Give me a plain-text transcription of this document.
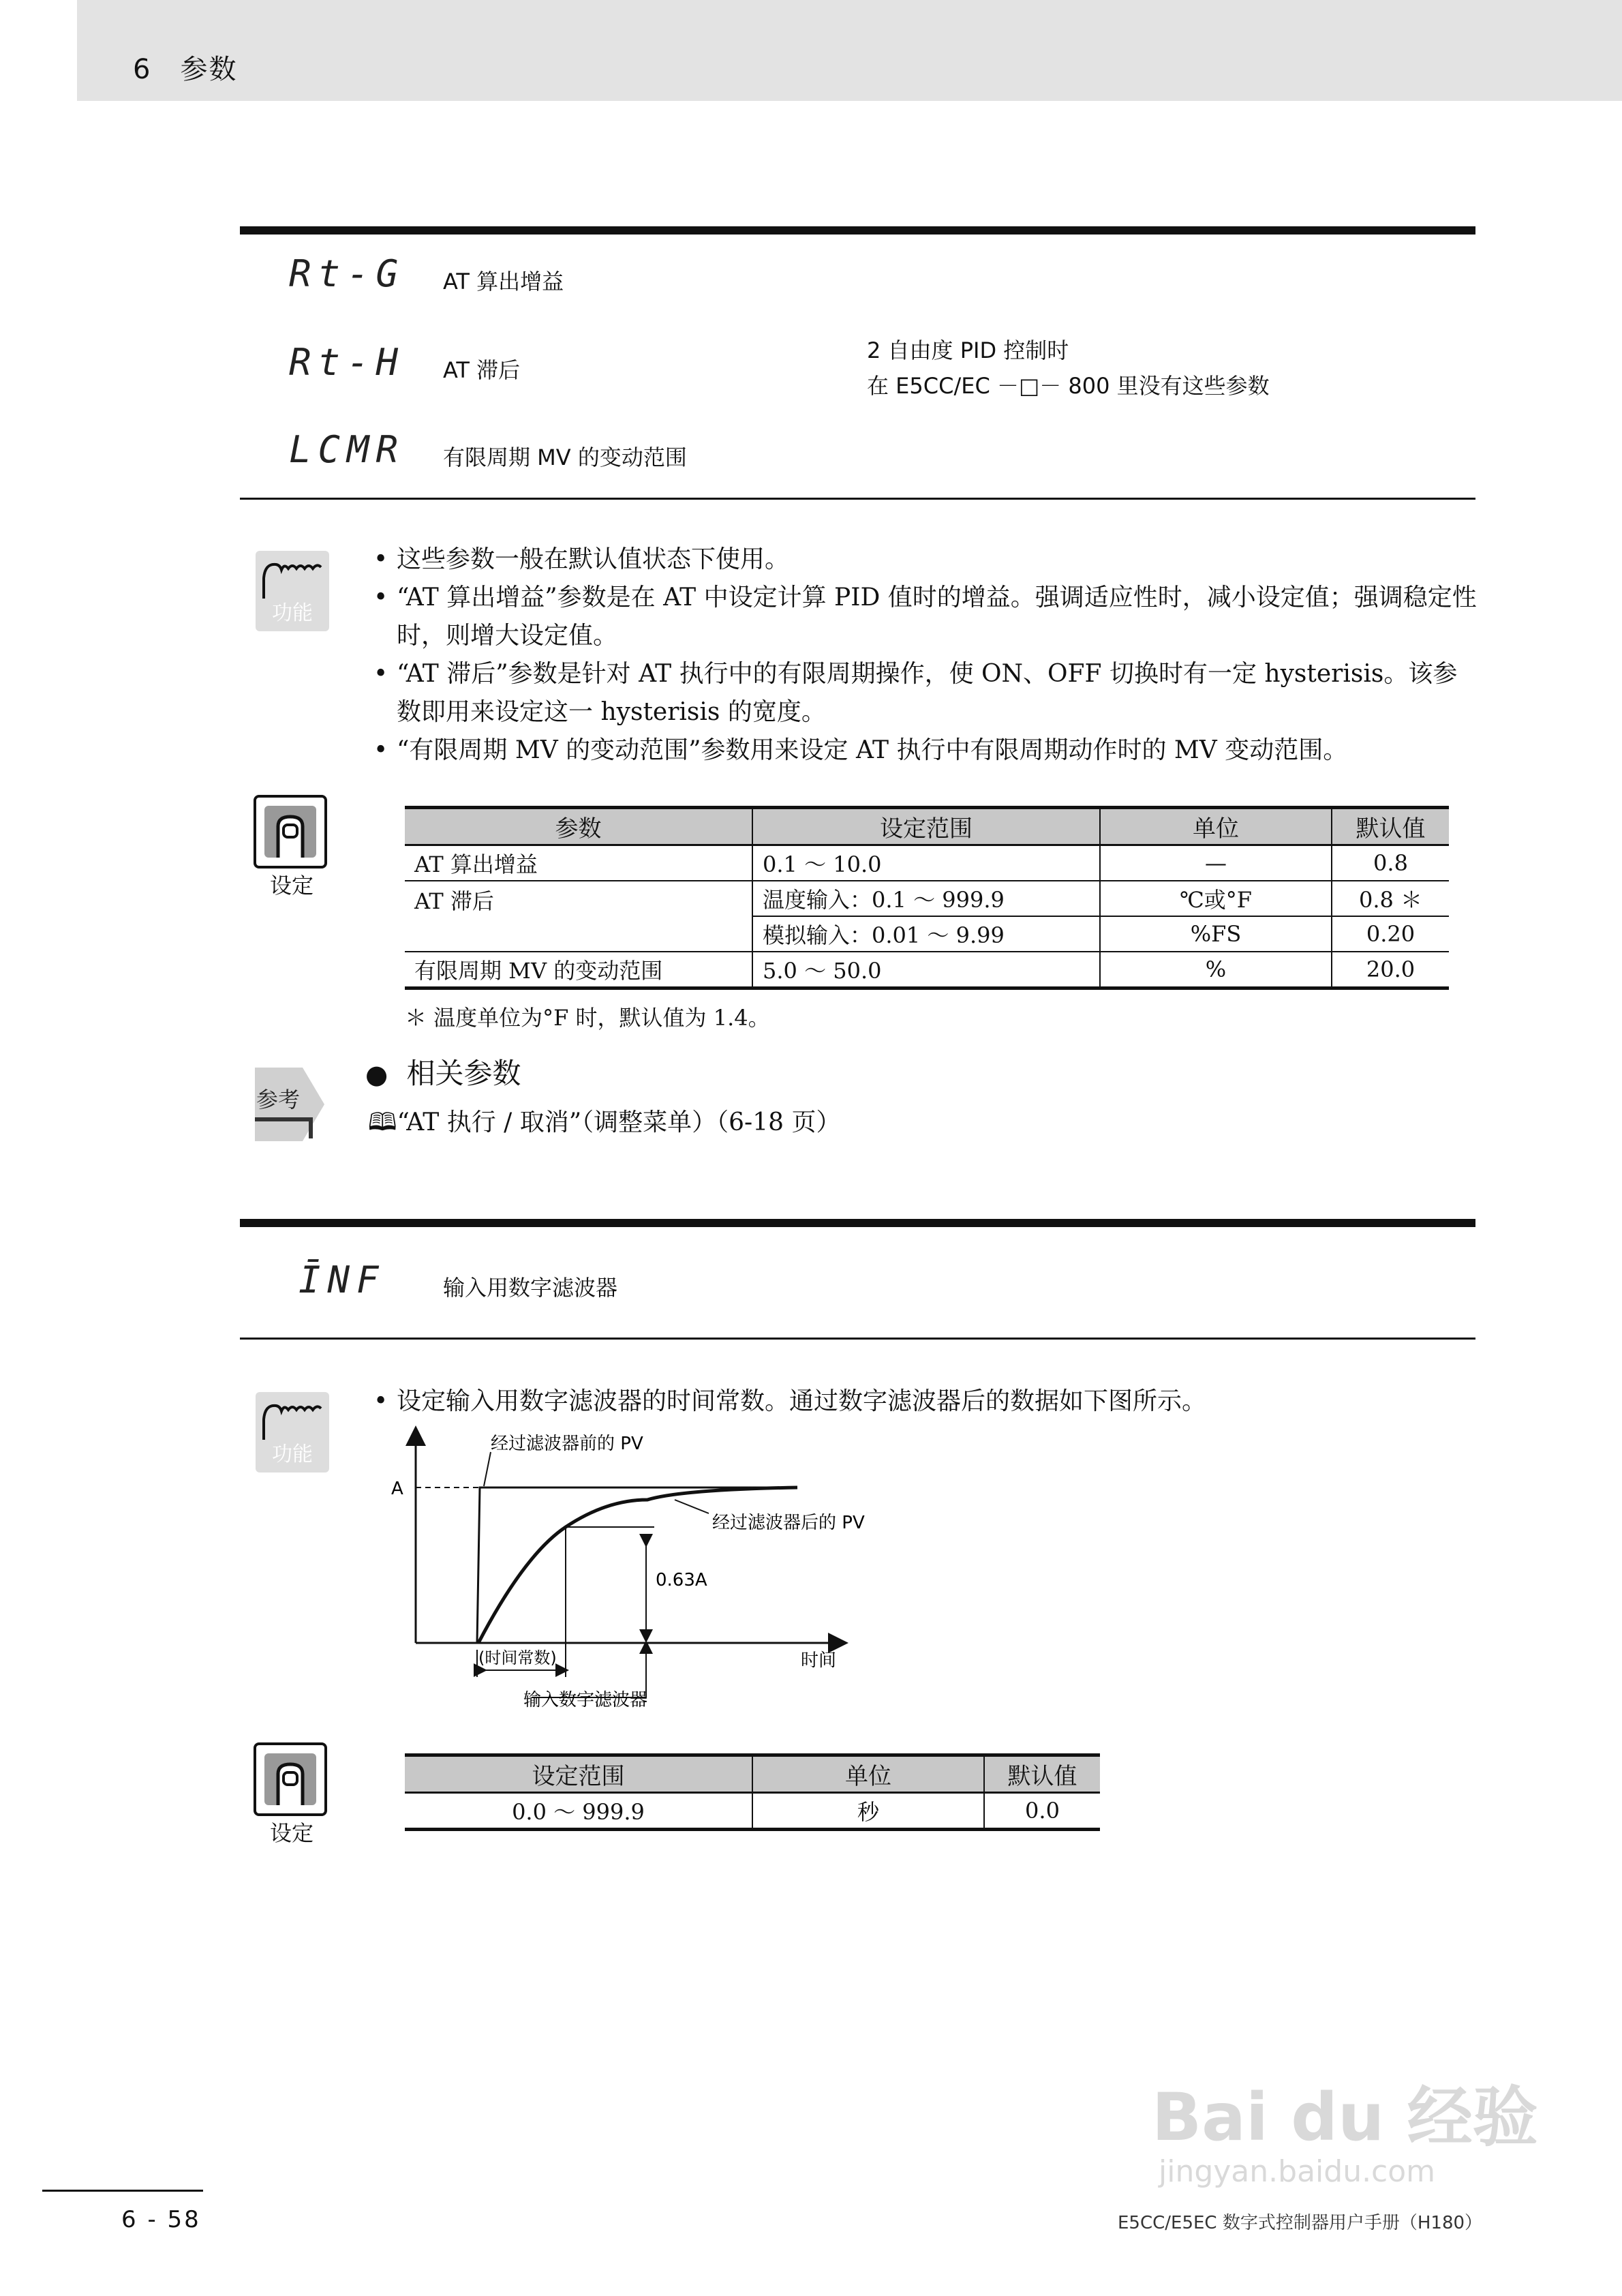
6　参数
Rt-G AT 算出增益
Rt-H AT 滞后
2 自由度 PID 控制时
在 E5CC/EC －□－ 800 里没有这些参数
LCMR 有限周期 MV 的变动范围
功能
• 这些参数一般在默认值状态下使用。
• “AT 算出增益”参数是在 AT 中设定计算 PID 值时的增益。强调适应性时，减小设定值；强调稳定性时，则增大设定值。
• “AT 滞后”参数是针对 AT 执行中的有限周期操作，使 ON、OFF 切换时有一定 hysterisis。该参数即用来设定这一 hysterisis 的宽度。
• “有限周期 MV 的变动范围”参数用来设定 AT 执行中有限周期动作时的 MV 变动范围。
设定
参数	设定范围	单位	默认值
AT 算出增益	0.1 ～ 10.0	—	0.8
AT 滞后	温度输入：0.1 ～ 999.9	℃或°F	0.8 ＊
	模拟输入：0.01 ～ 9.99	%FS	0.20
有限周期 MV 的变动范围	5.0 ～ 50.0	%	20.0
＊ 温度单位为°F 时，默认值为 1.4。
参考
● 相关参数
🕮“AT 执行 / 取消”（调整菜单）（6-18 页）
ĪNF	输入用数字滤波器
功能
• 设定输入用数字滤波器的时间常数。通过数字滤波器后的数据如下图所示。
经过滤波器前的 PV
经过滤波器后的 PV
A
0.63A
时间
(时间常数)
输入数字滤波器
设定
设定范围	单位	默认值
0.0 ～ 999.9	秒	0.0
Bai du 经验
jingyan.baidu.com
6 - 58	E5CC/E5EC 数字式控制器用户手册（H180）
